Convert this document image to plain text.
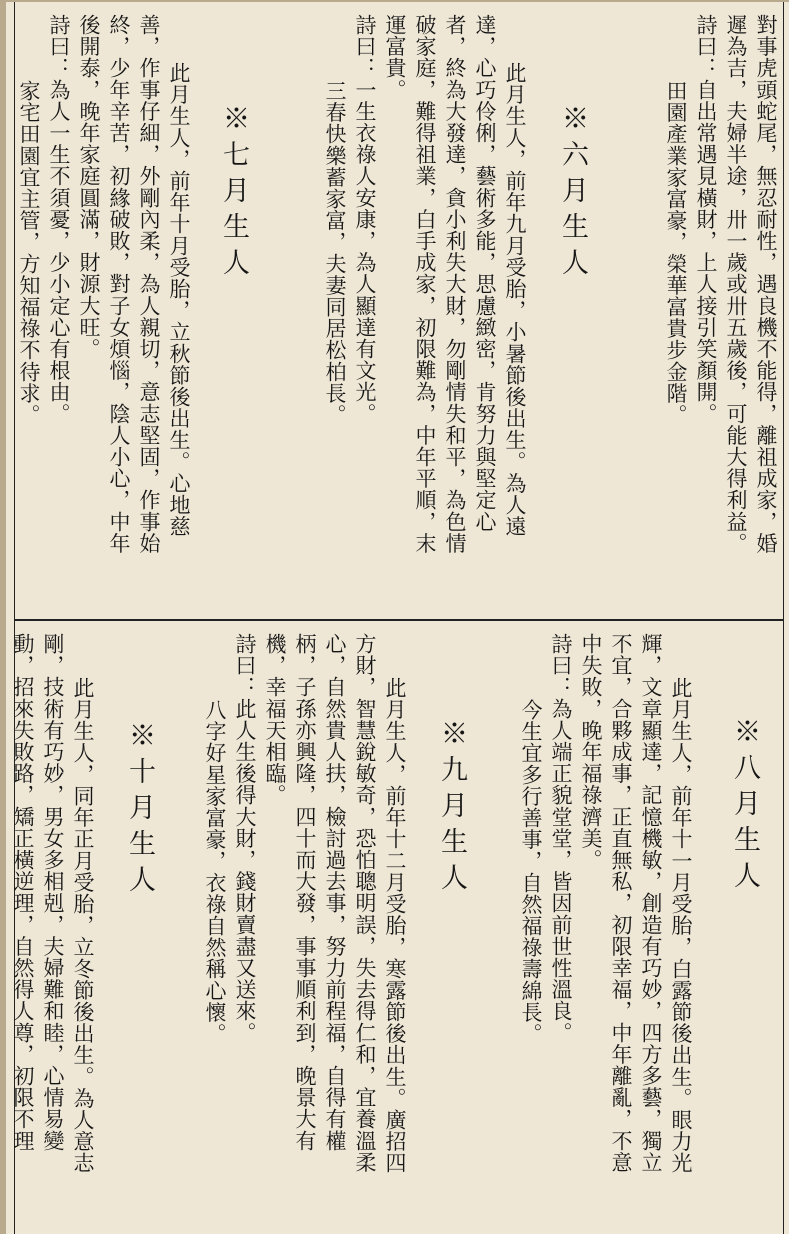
對事虎頭蛇尾，無忍耐性，遇良機不能得，離祖成家，婚
遲為吉，夫婦半途，卅一歲或卅五歲後，可能大得利益。
詩曰：自出常遇見橫財，上人接引笑顏開。
田園產業家富豪，榮華富貴步金階。
※六月生人
此月生人，前年九月受胎，小暑節後出生。為人遠
達，心巧伶俐，藝術多能，思慮緻密，肯努力與堅定心
者，終為大發達，貪小利失大財，勿剛情失和平，為色情
破家庭，難得祖業，白手成家，初限難為，中年平順，末
運富貴。
詩曰：一生衣祿人安康，為人顯達有文光。
三春快樂蓄家富，夫妻同居松柏長。
※七月生人
此月生人，前年十月受胎，立秋節後出生。心地慈
善，作事仔細，外剛內柔，為人親切，意志堅固，作事始
終，少年辛苦，初緣破敗，對子女煩惱，陰人小心，中年
後開泰，晚年家庭圓滿，財源大旺。
詩曰：為人一生不須憂，少小定心有根由。
家宅田園宜主管，方知福祿不待求。
※八月生人
此月生人，前年十一月受胎，白露節後出生。眼力光
輝，文章顯達，記憶機敏，創造有巧妙，四方多藝，獨立
不宜，合夥成事，正直無私，初限幸福，中年離亂，不意
中失敗，晚年福祿濟美。
詩曰：為人端正貌堂堂，皆因前世性溫良。
今生宜多行善事，自然福祿壽綿長。
※九月生人
此月生人，前年十二月受胎，寒露節後出生。廣招四
方財，智慧銳敏奇，恐怕聰明誤，失去得仁和，宜養溫柔
心，自然貴人扶，檢討過去事，努力前程福，自得有權
柄，子孫亦興隆，四十而大發，事事順利到，晚景大有
機，幸福天相臨。
詩曰：此人生後得大財，錢財賣盡又送來。
八字好星家富豪，衣祿自然稱心懷。
※十月生人
此月生人，同年正月受胎，立冬節後出生。為人意志
剛，技術有巧妙，男女多相剋，夫婦難和睦，心情易變
動，招來失敗路，矯正橫逆理，自然得人尊，初限不理
